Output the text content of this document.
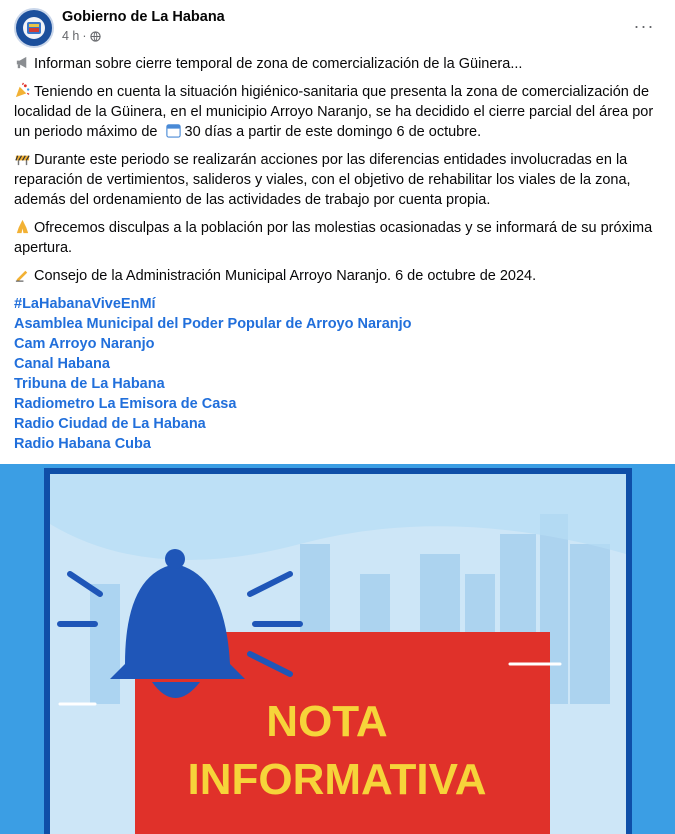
Gobierno de La Habana
4 h ·
···

Informan sobre cierre temporal de zona de comercialización de la Güinera...

Teniendo en cuenta la situación higiénico-sanitaria que presenta la zona de comercialización de localidad de la Güinera, en el municipio Arroyo Naranjo, se ha decidido el cierre parcial del área por un periodo máximo de 30 días a partir de este domingo 6 de octubre.

Durante este periodo se realizarán acciones por las diferencias entidades involucradas en la reparación de vertimientos, salideros y viales, con el objetivo de rehabilitar los viales de la zona, además del ordenamiento de las actividades de trabajo por cuenta propia.

Ofrecemos disculpas a la población por las molestias ocasionadas y se informará de su próxima apertura.

Consejo de la Administración Municipal Arroyo Naranjo. 6 de octubre de 2024.

#LaHabanaViveEnMí
Asamblea Municipal del Poder Popular de Arroyo Naranjo
Cam Arroyo Naranjo
Canal Habana
Tribuna de La Habana
Radiometro La Emisora de Casa
Radio Ciudad de La Habana
Radio Habana Cuba
NOTA
INFORMATIVA
